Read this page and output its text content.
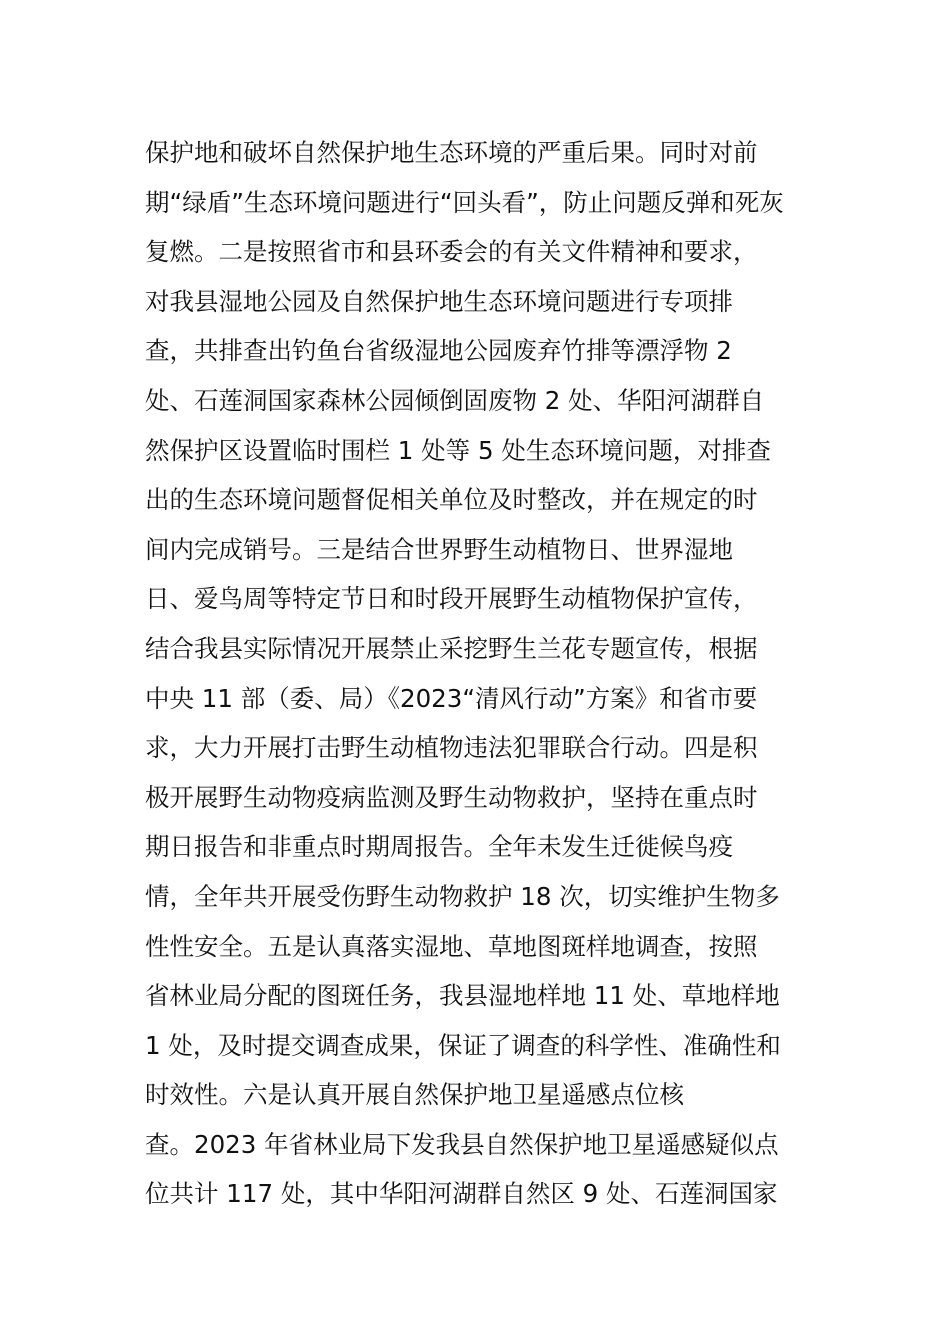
保护地和破坏自然保护地生态环境的严重后果。同时对前
期“绿盾”生态环境问题进行“回头看”，防止问题反弹和死灰
复燃。二是按照省市和县环委会的有关文件精神和要求，
对我县湿地公园及自然保护地生态环境问题进行专项排
查，共排查出钓鱼台省级湿地公园废弃竹排等漂浮物 2
处、石莲洞国家森林公园倾倒固废物 2 处、华阳河湖群自
然保护区设置临时围栏 1 处等 5 处生态环境问题，对排查
出的生态环境问题督促相关单位及时整改，并在规定的时
间内完成销号。三是结合世界野生动植物日、世界湿地
日、爱鸟周等特定节日和时段开展野生动植物保护宣传，
结合我县实际情况开展禁止采挖野生兰花专题宣传，根据
中央 11 部（委、局）《2023“清风行动”方案》和省市要
求，大力开展打击野生动植物违法犯罪联合行动。四是积
极开展野生动物疫病监测及野生动物救护，坚持在重点时
期日报告和非重点时期周报告。全年未发生迁徙候鸟疫
情，全年共开展受伤野生动物救护 18 次，切实维护生物多
性性安全。五是认真落实湿地、草地图斑样地调查，按照
省林业局分配的图斑任务，我县湿地样地 11 处、草地样地
1 处，及时提交调查成果，保证了调查的科学性、准确性和
时效性。六是认真开展自然保护地卫星遥感点位核
查。2023 年省林业局下发我县自然保护地卫星遥感疑似点
位共计 117 处，其中华阳河湖群自然区 9 处、石莲洞国家
